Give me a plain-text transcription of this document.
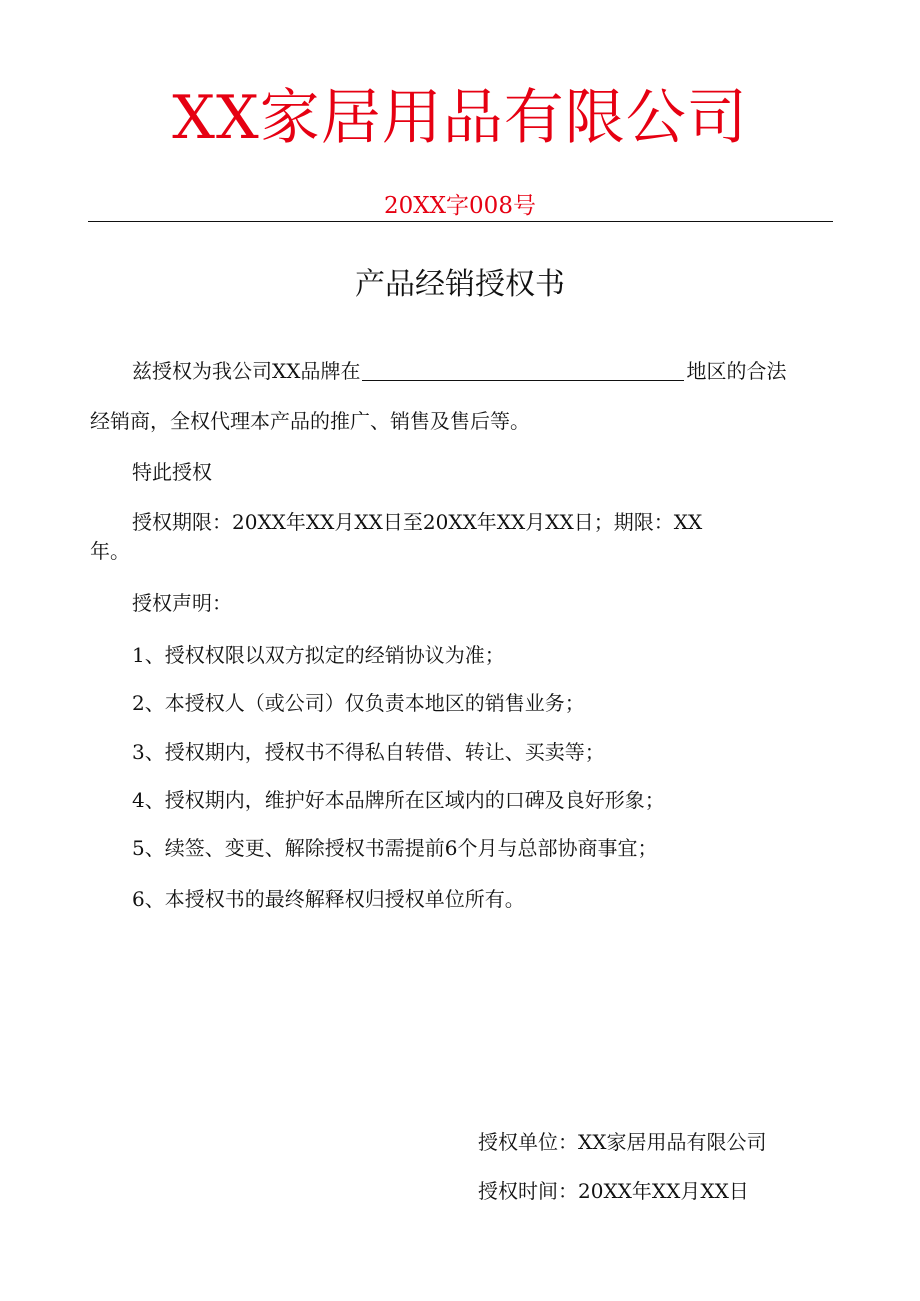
XX家居用品有限公司
20XX字008号
产品经销授权书
兹授权为我公司XX品牌在	地区的合法
经销商，全权代理本产品的推广、销售及售后等。
特此授权
授权期限：20XX年XX月XX日至20XX年XX月XX日；期限：XX
年。
授权声明：
1、授权权限以双方拟定的经销协议为准；
2、本授权人（或公司）仅负责本地区的销售业务；
3、授权期内，授权书不得私自转借、转让、买卖等；
4、授权期内，维护好本品牌所在区域内的口碑及良好形象；
5、续签、变更、解除授权书需提前6个月与总部协商事宜；
6、本授权书的最终解释权归授权单位所有。
授权单位：XX家居用品有限公司
授权时间：20XX年XX月XX日
